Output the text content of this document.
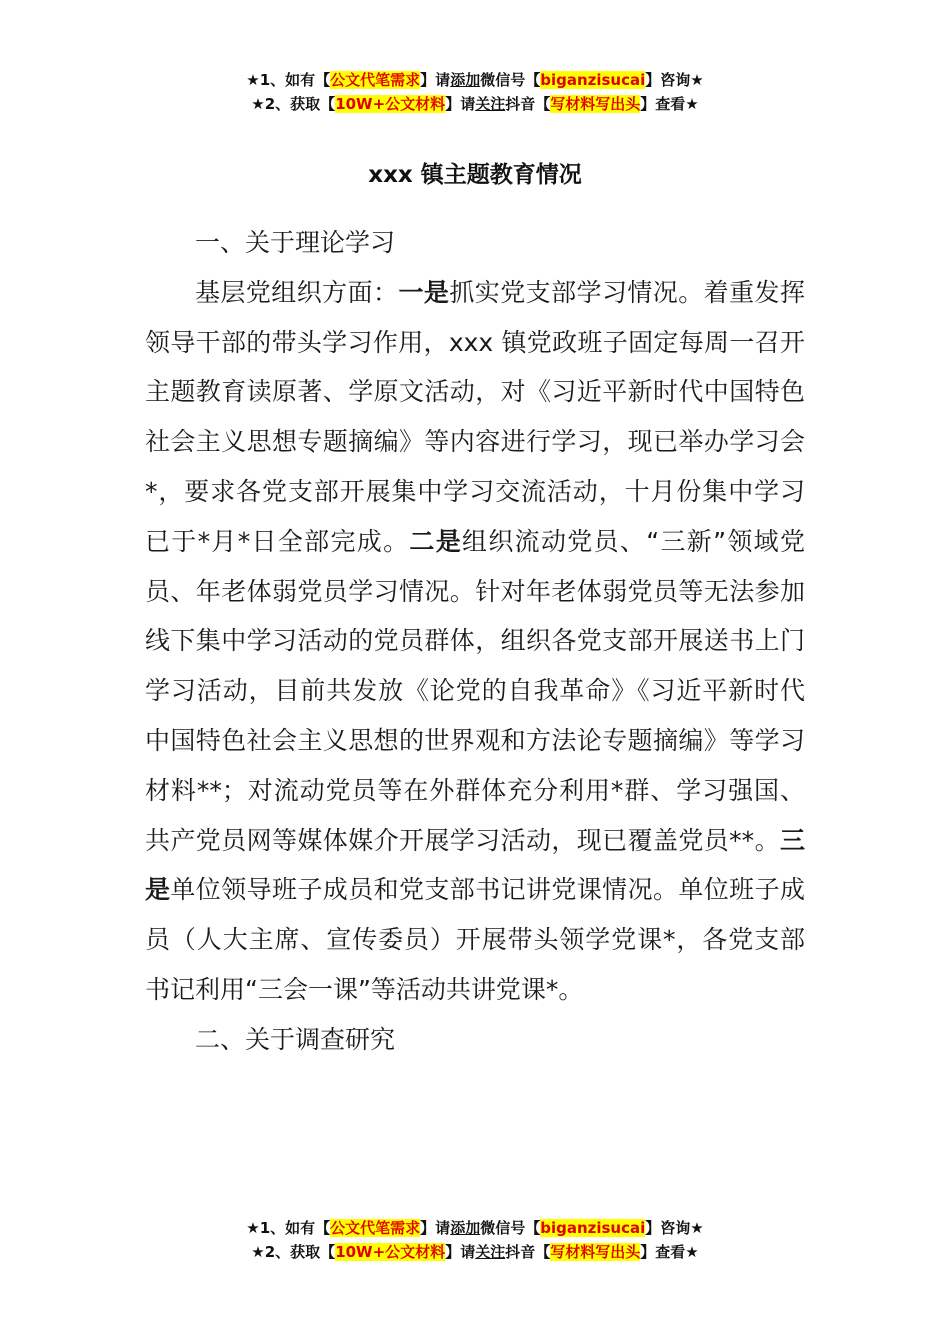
★1、如有【公文代笔需求】请添加微信号【biganzisucai】咨询★
★2、获取【10W+公文材料】请关注抖音【写材料写出头】查看★
xxx 镇主题教育情况

一、关于理论学习

基层党组织方面：一是抓实党支部学习情况。着重发挥领导干部的带头学习作用，xxx 镇党政班子固定每周一召开主题教育读原著、学原文活动，对《习近平新时代中国特色社会主义思想专题摘编》等内容进行学习，现已举办学习会*，要求各党支部开展集中学习交流活动，十月份集中学习已于*月*日全部完成。二是组织流动党员、“三新”领域党员、年老体弱党员学习情况。针对年老体弱党员等无法参加线下集中学习活动的党员群体，组织各党支部开展送书上门学习活动，目前共发放《论党的自我革命》《习近平新时代中国特色社会主义思想的世界观和方法论专题摘编》等学习材料**；对流动党员等在外群体充分利用*群、学习强国、共产党员网等媒体媒介开展学习活动，现已覆盖党员**。三是单位领导班子成员和党支部书记讲党课情况。单位班子成员（人大主席、宣传委员）开展带头领学党课*，各党支部书记利用“三会一课”等活动共讲党课*。

二、关于调查研究

★1、如有【公文代笔需求】请添加微信号【biganzisucai】咨询★
★2、获取【10W+公文材料】请关注抖音【写材料写出头】查看★
